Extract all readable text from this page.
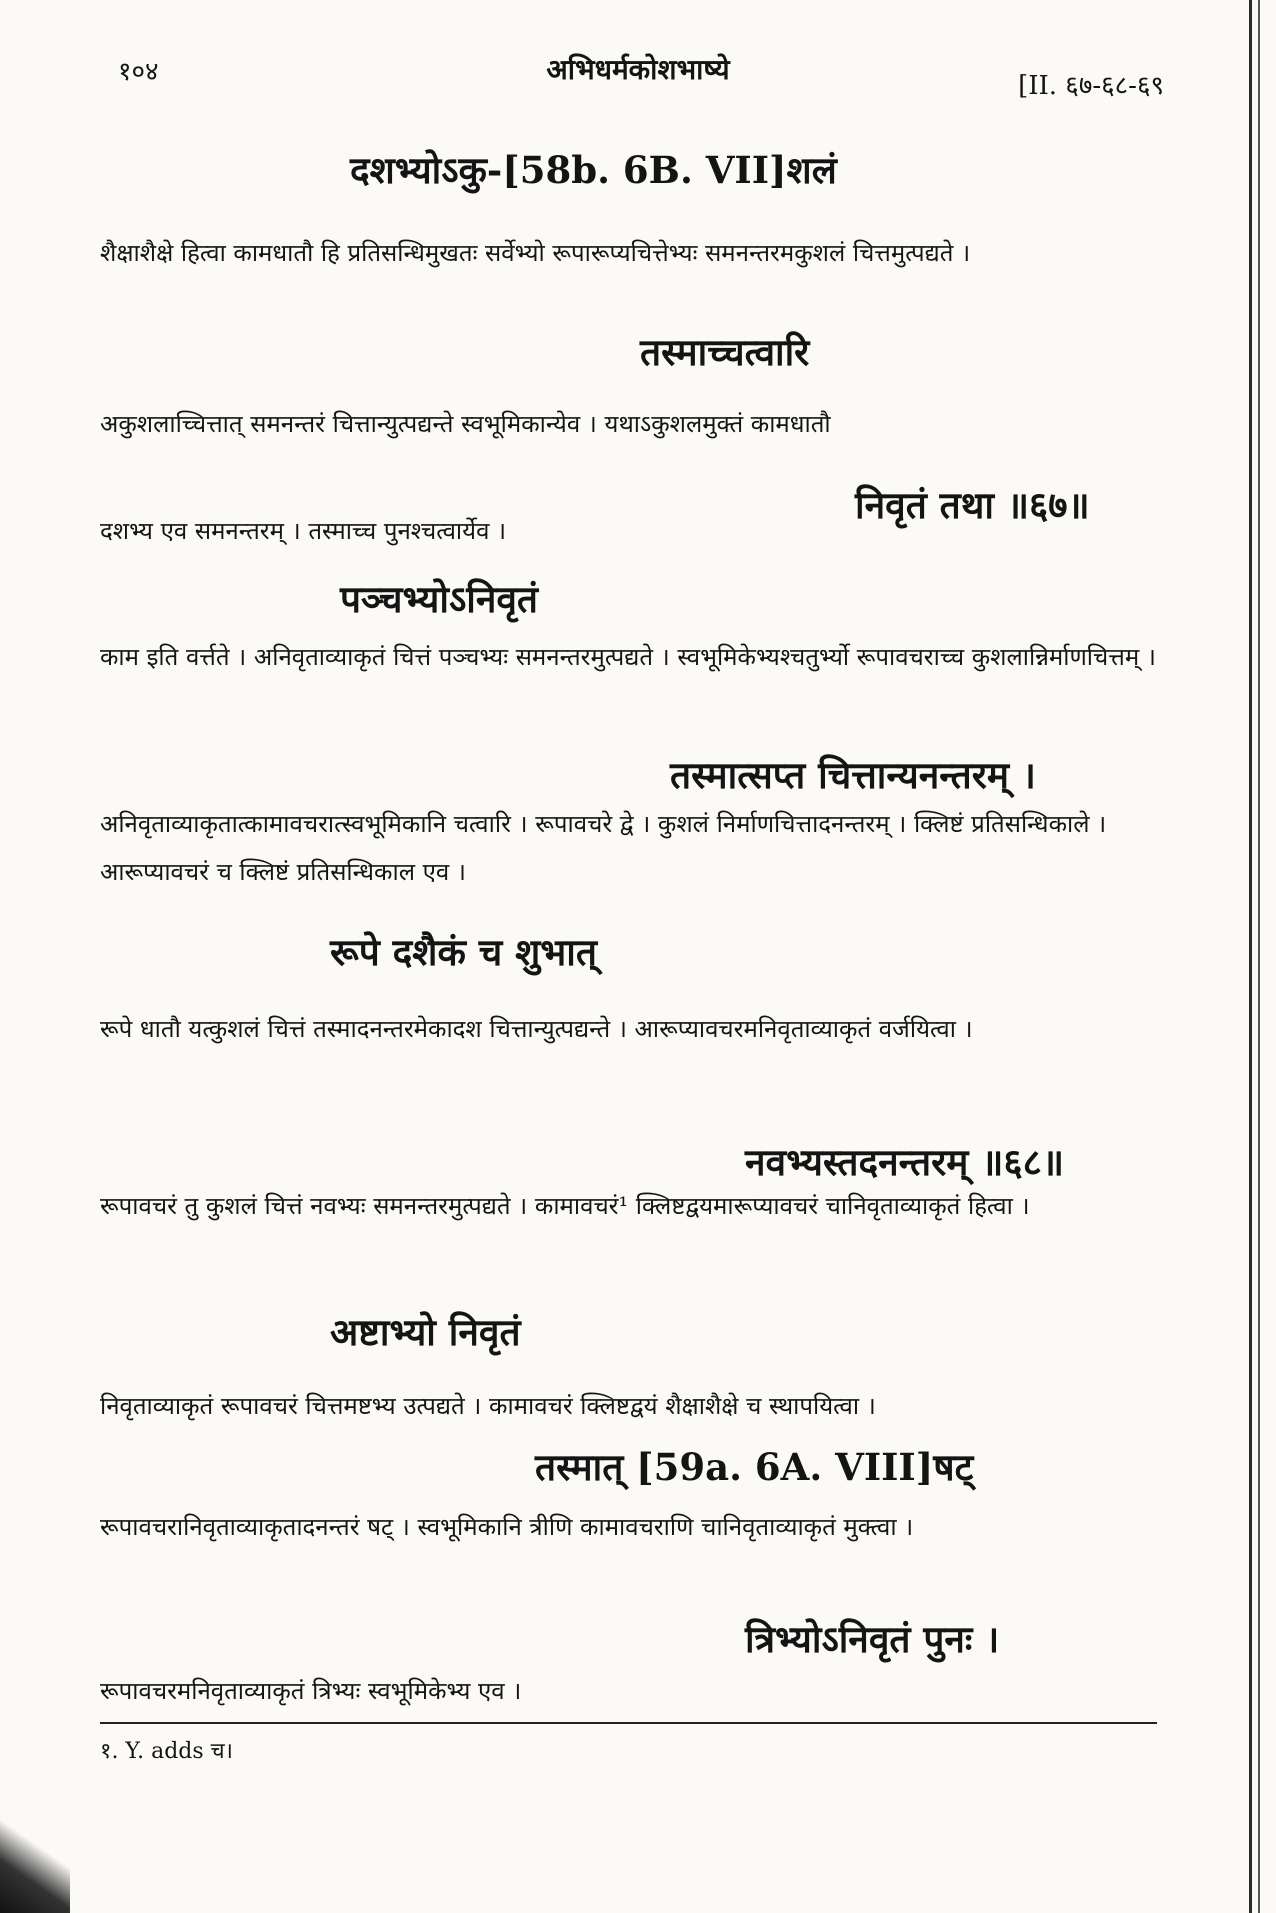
१०४	अभिधर्मकोशभाष्ये	[II. ६७-६८-६९
दशभ्योऽकु-[58b. 6B. VII]शलं
शैक्षाशैक्षे हित्वा कामधातौ हि प्रतिसन्धिमुखतः सर्वेभ्यो रूपारूप्यचित्तेभ्यः समनन्तरमकुशलं चित्तमुत्पद्यते ।
तस्माच्चत्वारि
अकुशलाच्चित्तात् समनन्तरं चित्तान्युत्पद्यन्ते स्वभूमिकान्येव । यथाऽकुशलमुक्तं कामधातौ
निवृतं तथा ॥६७॥
दशभ्य एव समनन्तरम् । तस्माच्च पुनश्चत्वार्येव ।
पञ्चभ्योऽनिवृतं
काम इति वर्त्तते । अनिवृताव्याकृतं चित्तं पञ्चभ्यः समनन्तरमुत्पद्यते । स्वभूमिकेभ्यश्चतुर्भ्यो रूपावचराच्च कुशलान्निर्माणचित्तम् ।
तस्मात्सप्त चित्तान्यनन्तरम् ।
अनिवृताव्याकृतात्कामावचरात्स्वभूमिकानि चत्वारि । रूपावचरे द्वे । कुशलं निर्माणचित्तादनन्तरम् । क्लिष्टं प्रतिसन्धिकाले । आरूप्यावचरं च क्लिष्टं प्रतिसन्धिकाल एव ।
रूपे दशैकं च शुभात्
रूपे धातौ यत्कुशलं चित्तं तस्मादनन्तरमेकादश चित्तान्युत्पद्यन्ते । आरूप्यावचरमनिवृताव्याकृतं वर्जयित्वा ।
नवभ्यस्तदनन्तरम् ॥६८॥
रूपावचरं तु कुशलं चित्तं नवभ्यः समनन्तरमुत्पद्यते । कामावचरं¹ क्लिष्टद्वयमारूप्यावचरं चानिवृताव्याकृतं हित्वा ।
अष्टाभ्यो निवृतं
निवृताव्याकृतं रूपावचरं चित्तमष्टभ्य उत्पद्यते । कामावचरं क्लिष्टद्वयं शैक्षाशैक्षे च स्थापयित्वा ।
तस्मात् [59a. 6A. VIII]षट्
रूपावचरानिवृताव्याकृतादनन्तरं षट् । स्वभूमिकानि त्रीणि कामावचराणि चानिवृताव्याकृतं मुक्त्वा ।
त्रिभ्योऽनिवृतं पुनः ।
रूपावचरमनिवृताव्याकृतं त्रिभ्यः स्वभूमिकेभ्य एव ।
१. Y. adds च।
